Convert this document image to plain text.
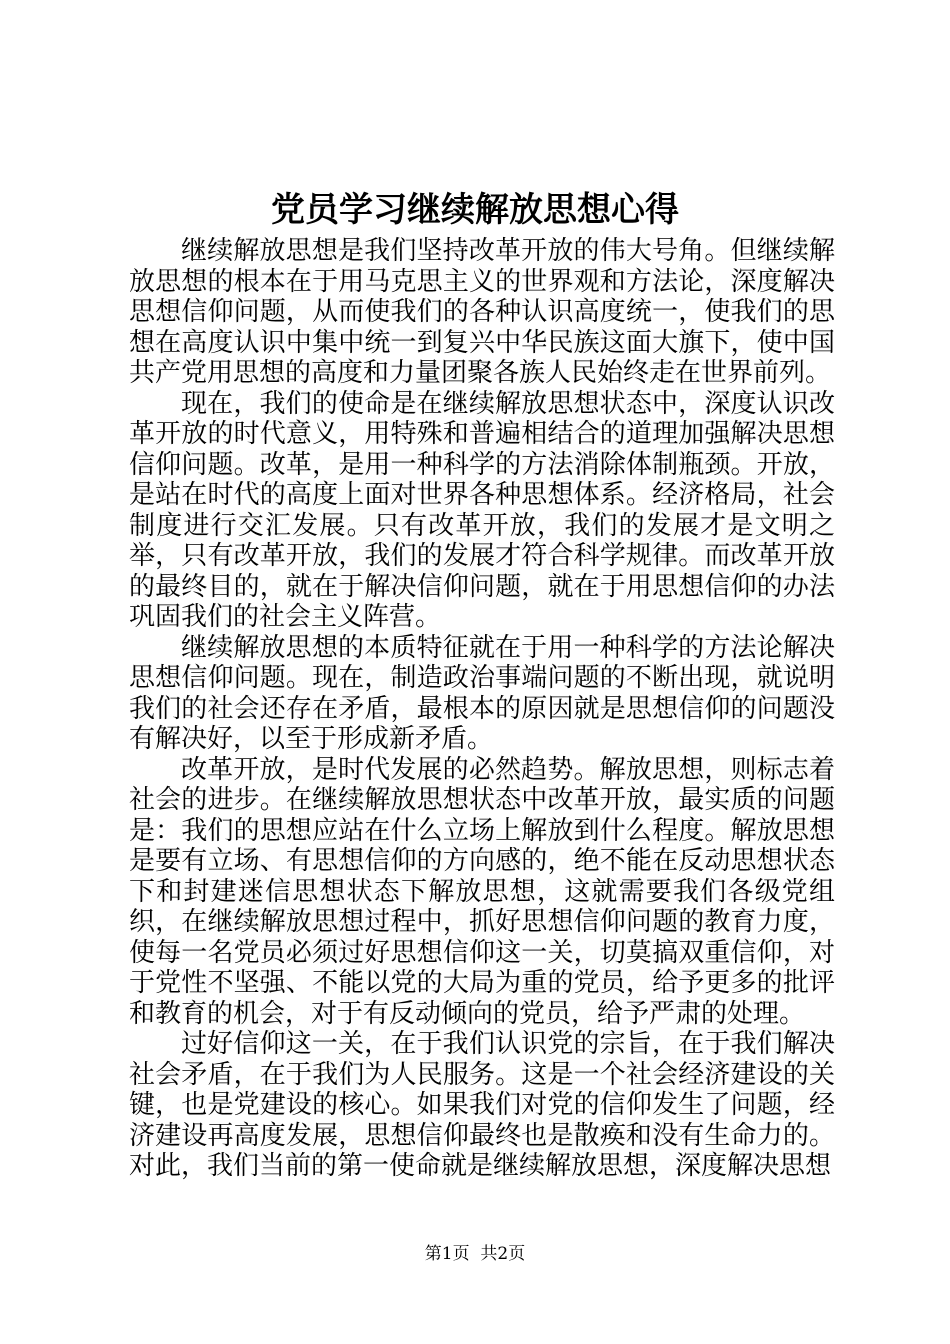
党员学习继续解放思想心得

继续解放思想是我们坚持改革开放的伟大号角。但继续解放思想的根本在于用马克思主义的世界观和方法论，深度解决思想信仰问题，从而使我们的各种认识高度统一，使我们的思想在高度认识中集中统一到复兴中华民族这面大旗下，使中国共产党用思想的高度和力量团聚各族人民始终走在世界前列。

现在，我们的使命是在继续解放思想状态中，深度认识改革开放的时代意义，用特殊和普遍相结合的道理加强解决思想信仰问题。改革，是用一种科学的方法消除体制瓶颈。开放，是站在时代的高度上面对世界各种思想体系。经济格局，社会制度进行交汇发展。只有改革开放，我们的发展才是文明之举，只有改革开放，我们的发展才符合科学规律。而改革开放的最终目的，就在于解决信仰问题，就在于用思想信仰的办法巩固我们的社会主义阵营。

继续解放思想的本质特征就在于用一种科学的方法论解决思想信仰问题。现在，制造政治事端问题的不断出现，就说明我们的社会还存在矛盾，最根本的原因就是思想信仰的问题没有解决好，以至于形成新矛盾。

改革开放，是时代发展的必然趋势。解放思想，则标志着社会的进步。在继续解放思想状态中改革开放，最实质的问题是：我们的思想应站在什么立场上解放到什么程度。解放思想是要有立场、有思想信仰的方向感的，绝不能在反动思想状态下和封建迷信思想状态下解放思想，这就需要我们各级党组织，在继续解放思想过程中，抓好思想信仰问题的教育力度，使每一名党员必须过好思想信仰这一关，切莫搞双重信仰，对于党性不坚强、不能以党的大局为重的党员，给予更多的批评和教育的机会，对于有反动倾向的党员，给予严肃的处理。

过好信仰这一关，在于我们认识党的宗旨，在于我们解决社会矛盾，在于我们为人民服务。这是一个社会经济建设的关键，也是党建设的核心。如果我们对党的信仰发生了问题，经济建设再高度发展，思想信仰最终也是散痪和没有生命力的。对此，我们当前的第一使命就是继续解放思想，深度解决思想

第1页 共2页
